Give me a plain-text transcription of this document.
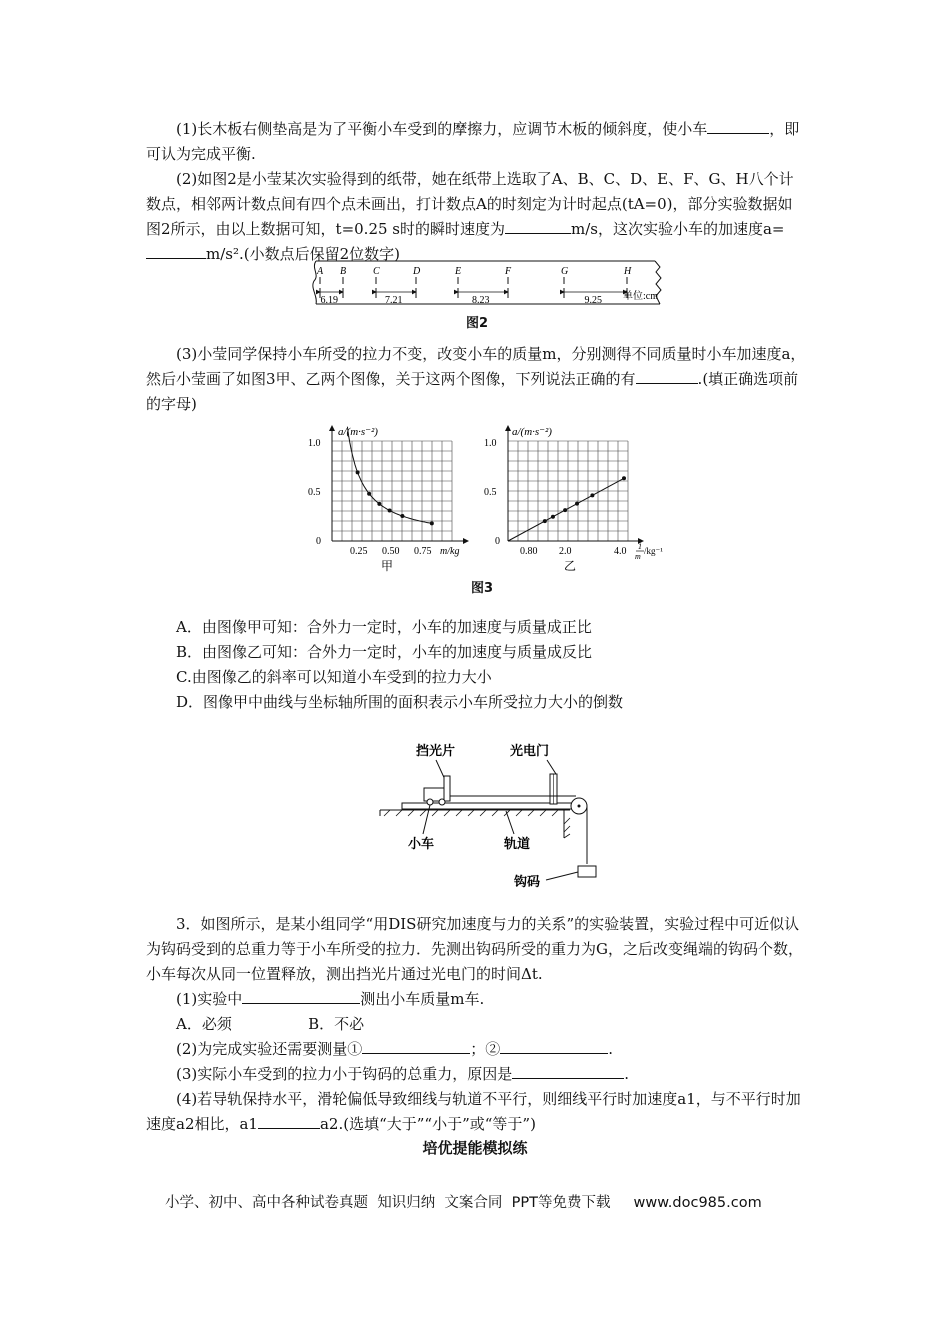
(1)长木板右侧垫高是为了平衡小车受到的摩擦力，应调节木板的倾斜度，使小车	，即可认为完成平衡.

(2)如图2是小莹某次实验得到的纸带，她在纸带上选取了A、B、C、D、E、F、G、H八个计数点，相邻两计数点间有四个点未画出，打计数点A的时刻定为计时起点(tA=0)，部分实验数据如图2所示，由以上数据可知，t=0.25 s时的瞬时速度为	m/s，这次实验小车的加速度a=m/s².(小数点后保留2位数字)

A B	C	D	E	F	G	H
6.19	7.21	8.23	9.25 单位:cm
图2

(3)小莹同学保持小车所受的拉力不变，改变小车的质量m，分别测得不同质量时小车加速度a，然后小莹画了如图3甲、乙两个图像，关于这两个图像，下列说法正确的有	.(填正确选项前的字母)

a/(m·s⁻²)
1.0
0.5
0
0.25 0.50 0.75 m/kg
甲
a/(m·s⁻²)
1.0
0.5
0
0.80 2.0	4.0 1
m
/kg⁻¹
乙
图3

A．由图像甲可知：合外力一定时，小车的加速度与质量成正比

B．由图像乙可知：合外力一定时，小车的加速度与质量成反比

C.由图像乙的斜率可以知道小车受到的拉力大小

D．图像甲中曲线与坐标轴所围的面积表示小车所受拉力大小的倒数

挡光片	光电门
小车	轨道
钩码

3．如图所示，是某小组同学“用DIS研究加速度与力的关系”的实验装置，实验过程中可近似认为钩码受到的总重力等于小车所受的拉力．先测出钩码所受的重力为G，之后改变绳端的钩码个数，小车每次从同一位置释放，测出挡光片通过光电门的时间Δt.

(1)实验中	测出小车质量m车.

A．必须                B．不必

(2)为完成实验还需要测量①	；②	.

(3)实际小车受到的拉力小于钩码的总重力，原因是	.

(4)若导轨保持水平，滑轮偏低导致细线与轨道不平行，则细线平行时加速度a1，与不平行时加速度a2相比，a1	a2.(选填“大于”“小于”或“等于”)

培优提能模拟练
小学、初中、高中各种试卷真题  知识归纳  文案合同  PPT等免费下载     www.doc985.com
